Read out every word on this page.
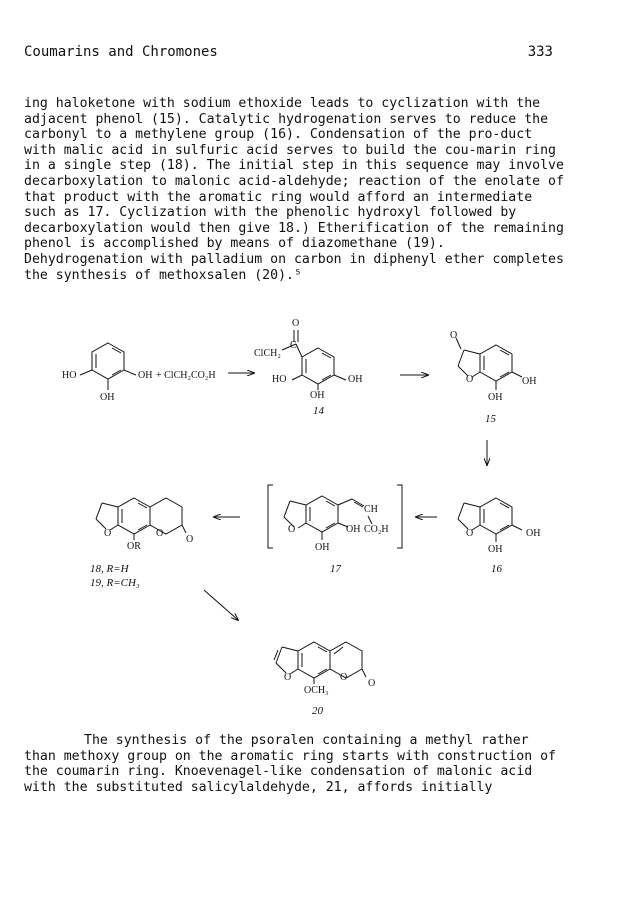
Coumarins and Chromones	333
ing haloketone with sodium ethoxide leads to cyclization with the adjacent phenol (15). Catalytic hydrogenation serves to reduce the carbonyl to a methylene group (16). Condensation of the pro-duct with malic acid in sulfuric acid serves to build the cou-marin ring in a single step (18). The initial step in this sequence may involve decarboxylation to malonic acid-aldehyde; reaction of the enolate of that product with the aromatic ring would afford an intermediate such as 17. Cyclization with the phenolic hydroxyl followed by decarboxylation would then give 18.) Etherification of the remaining phenol is accomplished by means of diazomethane (19). Dehydrogenation with palladium on carbon in diphenyl ether completes the synthesis of methoxsalen (20).⁵
HO	OH
OH
+ ClCH₂CO₂H
O
ClCH₂
C
HO	OH
OH
14
O
O	OH
OH
15
O	OH
OH
16
CH
O	OH CO₂H
OH
17
O	O
O
OR
18, R=H
19, R=CH₃
O	O
O
OCH₃
20
The synthesis of the psoralen containing a methyl rather than methoxy group on the aromatic ring starts with construction of the coumarin ring. Knoevenagel-like condensation of malonic acid with the substituted salicylaldehyde, 21, affords initially
